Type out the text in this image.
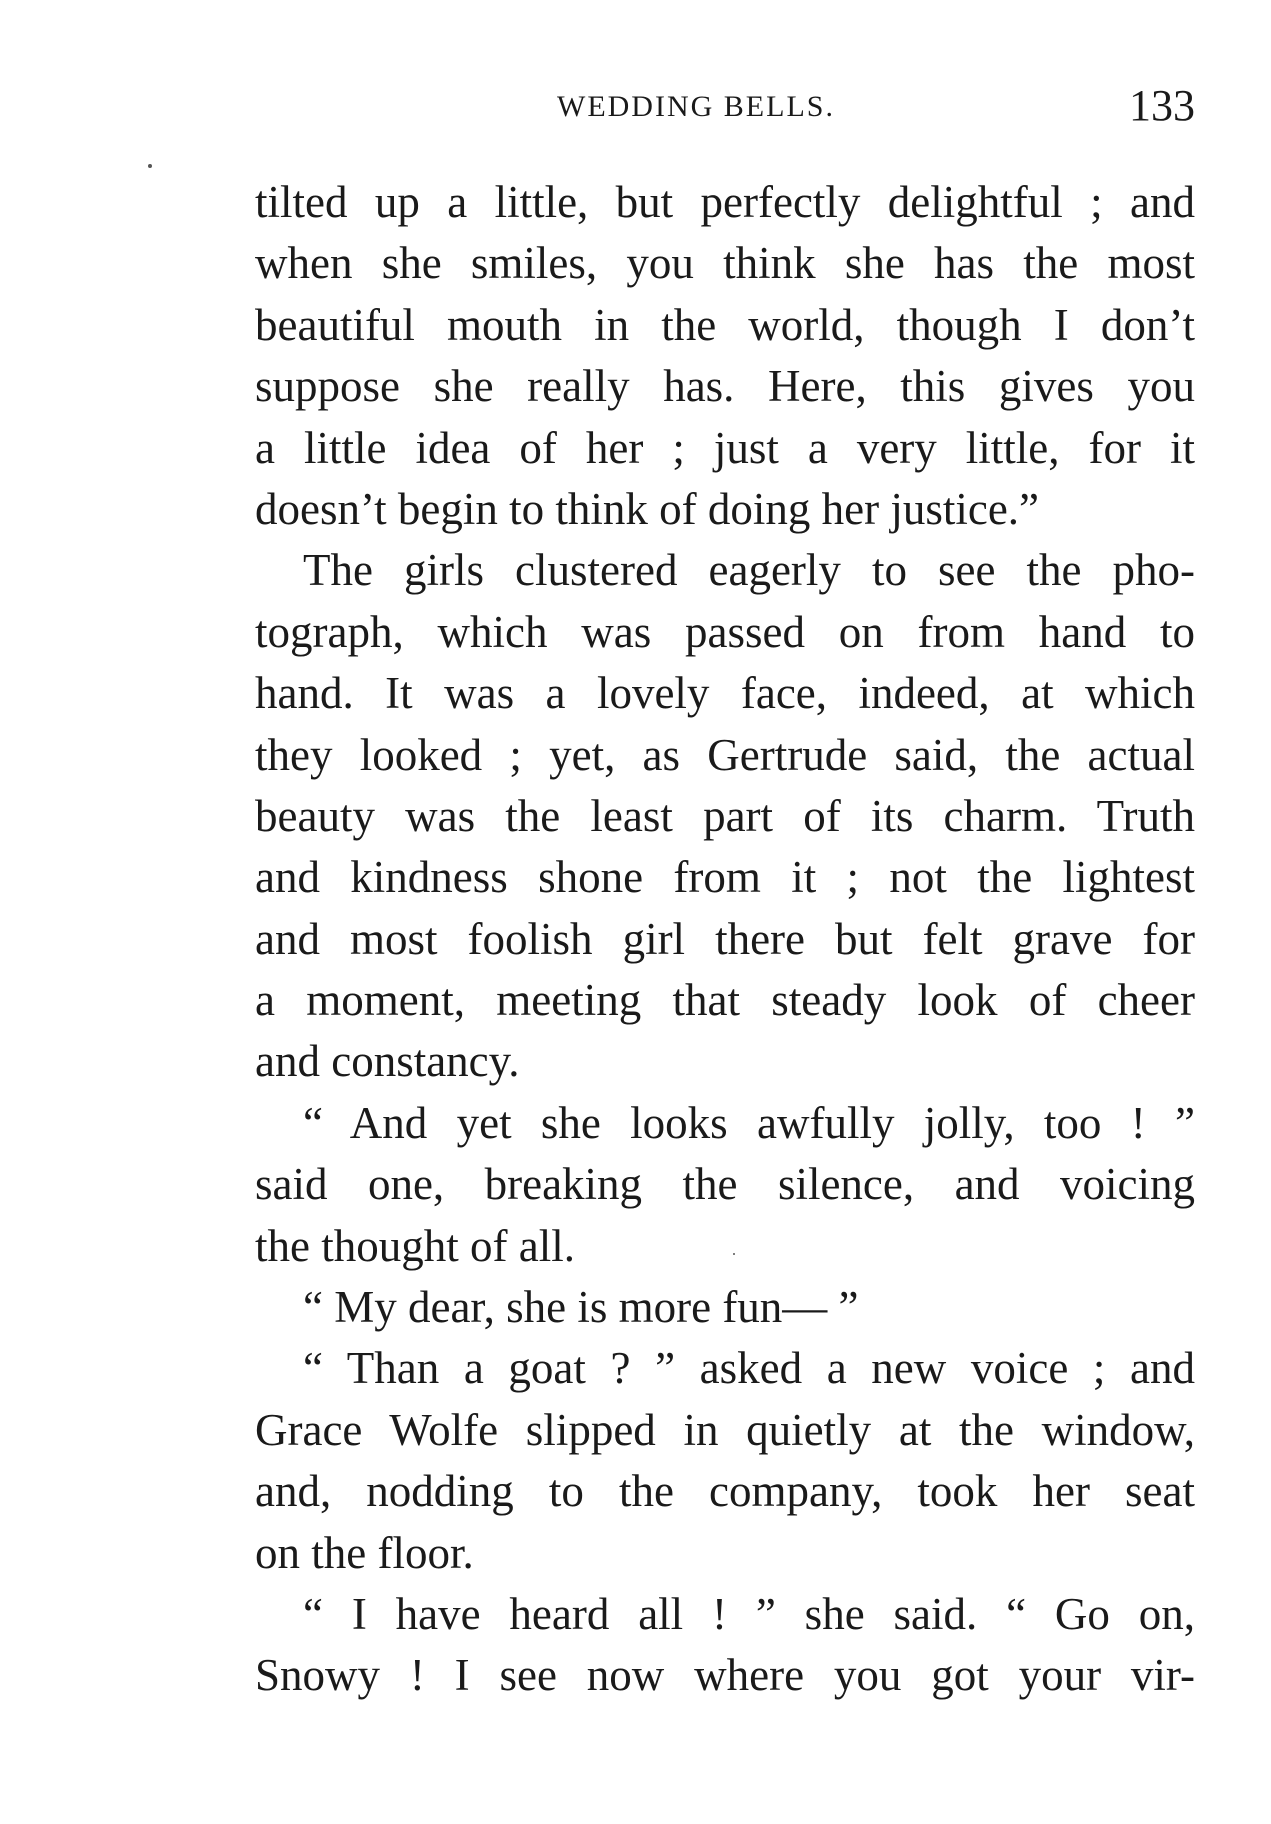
WEDDING BELLS.	133
tilted up a little, but perfectly delightful ; and
when she smiles, you think she has the most
beautiful mouth in the world, though I don’t
suppose she really has. Here, this gives you
a little idea of her ; just a very little, for it
doesn’t begin to think of doing her justice.”
The girls clustered eagerly to see the pho-
tograph, which was passed on from hand to
hand. It was a lovely face, indeed, at which
they looked ; yet, as Gertrude said, the actual
beauty was the least part of its charm. Truth
and kindness shone from it ; not the lightest
and most foolish girl there but felt grave for
a moment, meeting that steady look of cheer
and constancy.
“ And yet she looks awfully jolly, too ! ”
said one, breaking the silence, and voicing
the thought of all.
“ My dear, she is more fun— ”
“ Than a goat ? ” asked a new voice ; and
Grace Wolfe slipped in quietly at the window,
and, nodding to the company, took her seat
on the floor.
“ I have heard all ! ” she said. “ Go on,
Snowy ! I see now where you got your vir-
